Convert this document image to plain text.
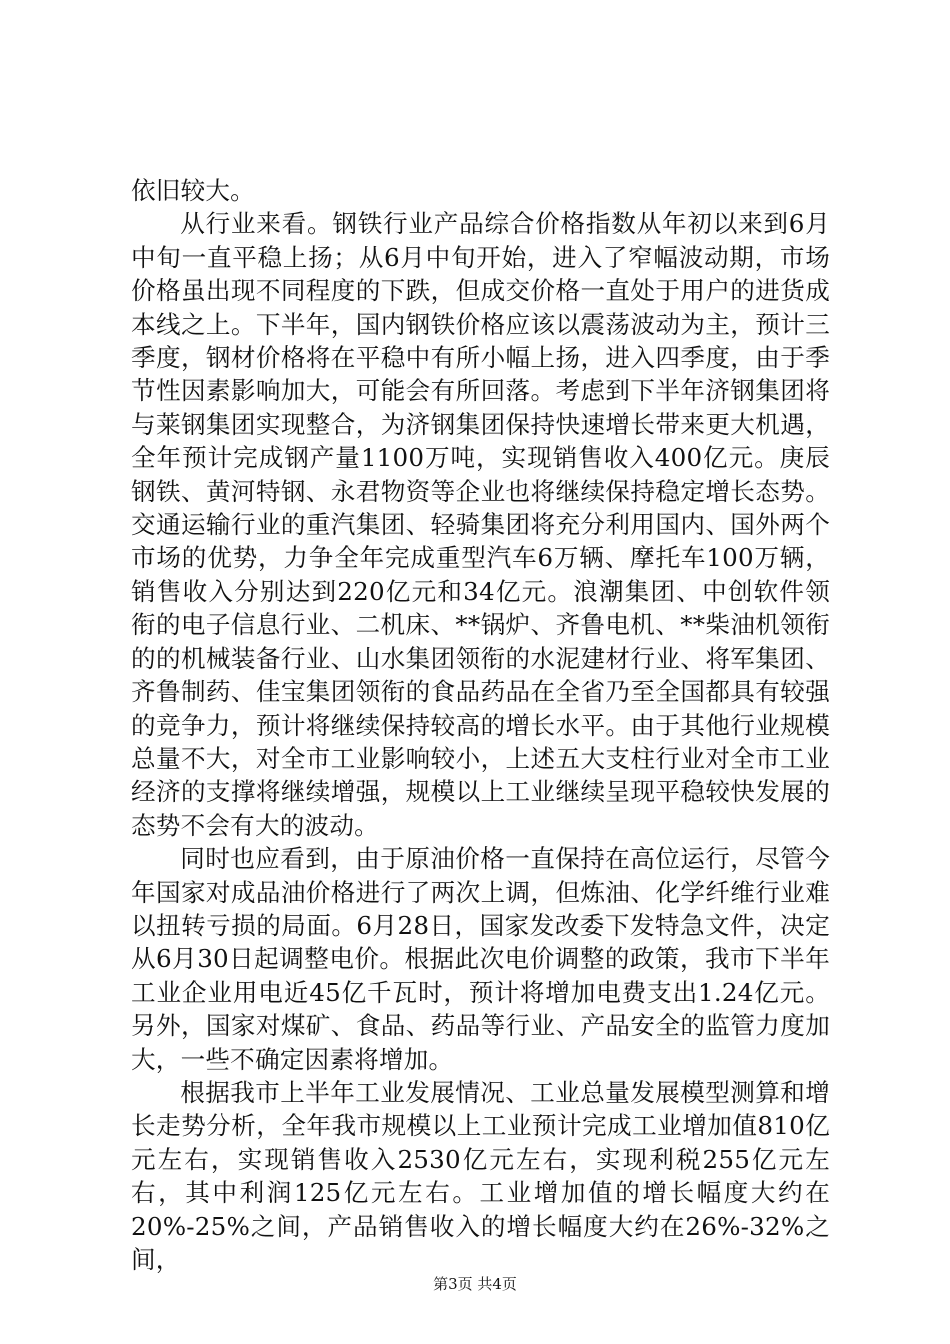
依旧较大。

从行业来看。钢铁行业产品综合价格指数从年初以来到6月中旬一直平稳上扬；从6月中旬开始，进入了窄幅波动期，市场价格虽出现不同程度的下跌，但成交价格一直处于用户的进货成本线之上。下半年，国内钢铁价格应该以震荡波动为主，预计三季度，钢材价格将在平稳中有所小幅上扬，进入四季度，由于季节性因素影响加大，可能会有所回落。考虑到下半年济钢集团将与莱钢集团实现整合，为济钢集团保持快速增长带来更大机遇，全年预计完成钢产量1100万吨，实现销售收入400亿元。庚辰钢铁、黄河特钢、永君物资等企业也将继续保持稳定增长态势。交通运输行业的重汽集团、轻骑集团将充分利用国内、国外两个市场的优势，力争全年完成重型汽车6万辆、摩托车100万辆，销售收入分别达到220亿元和34亿元。浪潮集团、中创软件领衔的电子信息行业、二机床、**锅炉、齐鲁电机、**柴油机领衔的的机械装备行业、山水集团领衔的水泥建材行业、将军集团、齐鲁制药、佳宝集团领衔的食品药品在全省乃至全国都具有较强的竞争力，预计将继续保持较高的增长水平。由于其他行业规模总量不大，对全市工业影响较小，上述五大支柱行业对全市工业经济的支撑将继续增强，规模以上工业继续呈现平稳较快发展的态势不会有大的波动。

同时也应看到，由于原油价格一直保持在高位运行，尽管今年国家对成品油价格进行了两次上调，但炼油、化学纤维行业难以扭转亏损的局面。6月28日，国家发改委下发特急文件，决定从6月30日起调整电价。根据此次电价调整的政策，我市下半年工业企业用电近45亿千瓦时，预计将增加电费支出1.24亿元。另外，国家对煤矿、食品、药品等行业、产品安全的监管力度加大，一些不确定因素将增加。

根据我市上半年工业发展情况、工业总量发展模型测算和增长走势分析，全年我市规模以上工业预计完成工业增加值810亿元左右，实现销售收入2530亿元左右，实现利税255亿元左右，其中利润125亿元左右。工业增加值的增长幅度大约在20%-25%之间，产品销售收入的增长幅度大约在26%-32%之间，

第3页 共4页
